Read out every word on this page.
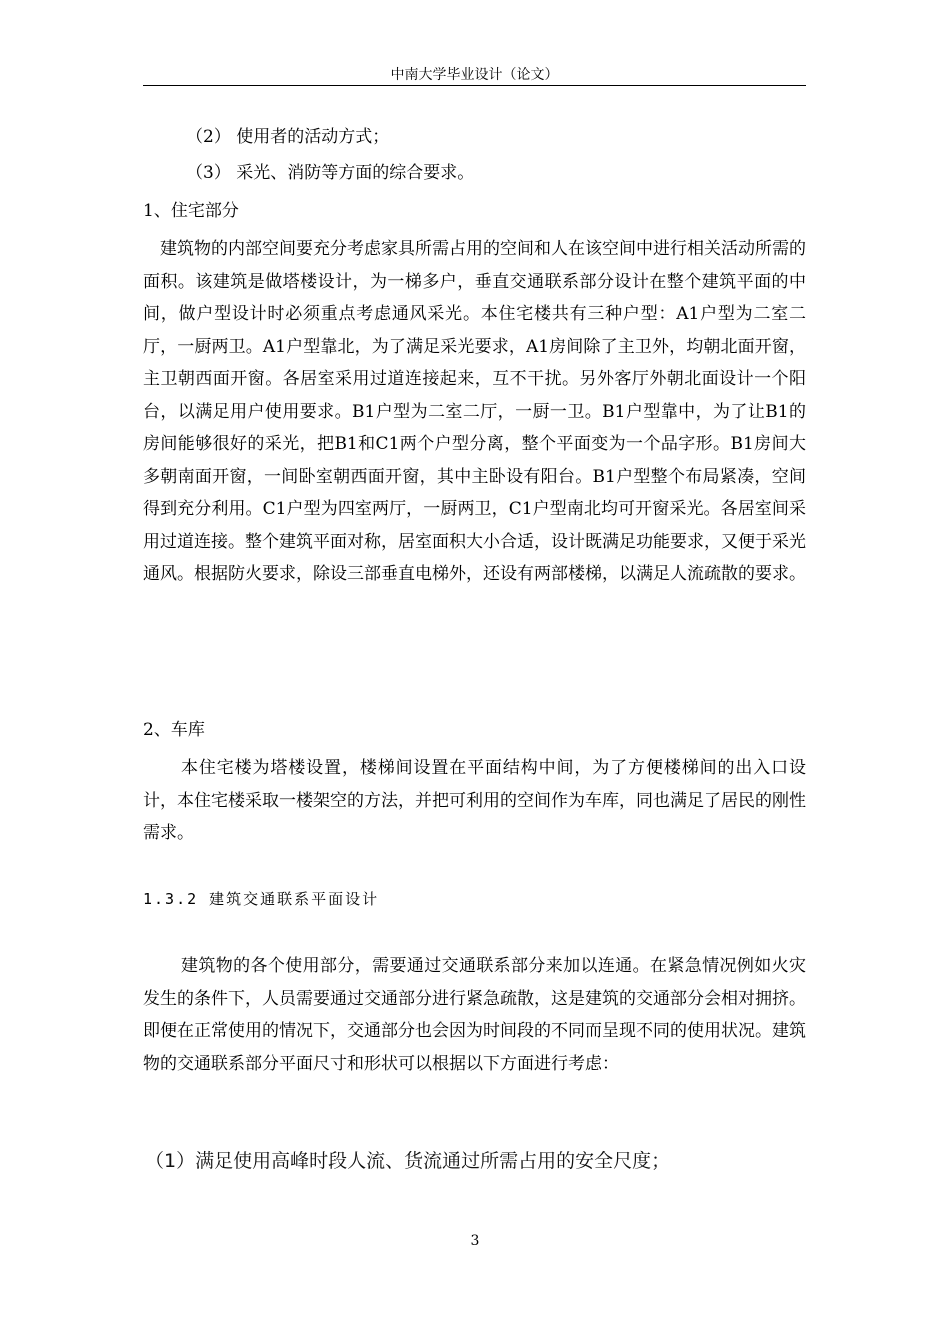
中南大学毕业设计（论文）
（2） 使用者的活动方式；
（3） 采光、消防等方面的综合要求。
1、住宅部分
建筑物的内部空间要充分考虑家具所需占用的空间和人在该空间中进行相关活动所需的面积。该建筑是做塔楼设计，为一梯多户，垂直交通联系部分设计在整个建筑平面的中间，做户型设计时必须重点考虑通风采光。本住宅楼共有三种户型：A1户型为二室二厅，一厨两卫。A1户型靠北，为了满足采光要求，A1房间除了主卫外，均朝北面开窗，主卫朝西面开窗。各居室采用过道连接起来，互不干扰。另外客厅外朝北面设计一个阳台，以满足用户使用要求。B1户型为二室二厅，一厨一卫。B1户型靠中，为了让B1的房间能够很好的采光，把B1和C1两个户型分离，整个平面变为一个品字形。B1房间大多朝南面开窗，一间卧室朝西面开窗，其中主卧设有阳台。B1户型整个布局紧凑，空间得到充分利用。C1户型为四室两厅，一厨两卫，C1户型南北均可开窗采光。各居室间采用过道连接。整个建筑平面对称，居室面积大小合适，设计既满足功能要求，又便于采光通风。根据防火要求，除设三部垂直电梯外，还设有两部楼梯，以满足人流疏散的要求。
2、车库
本住宅楼为塔楼设置，楼梯间设置在平面结构中间，为了方便楼梯间的出入口设计，本住宅楼采取一楼架空的方法，并把可利用的空间作为车库，同也满足了居民的刚性需求。
1.3.2 建筑交通联系平面设计
建筑物的各个使用部分，需要通过交通联系部分来加以连通。在紧急情况例如火灾发生的条件下，人员需要通过交通部分进行紧急疏散，这是建筑的交通部分会相对拥挤。即便在正常使用的情况下，交通部分也会因为时间段的不同而呈现不同的使用状况。建筑物的交通联系部分平面尺寸和形状可以根据以下方面进行考虑：
（1）满足使用高峰时段人流、货流通过所需占用的安全尺度；
3
